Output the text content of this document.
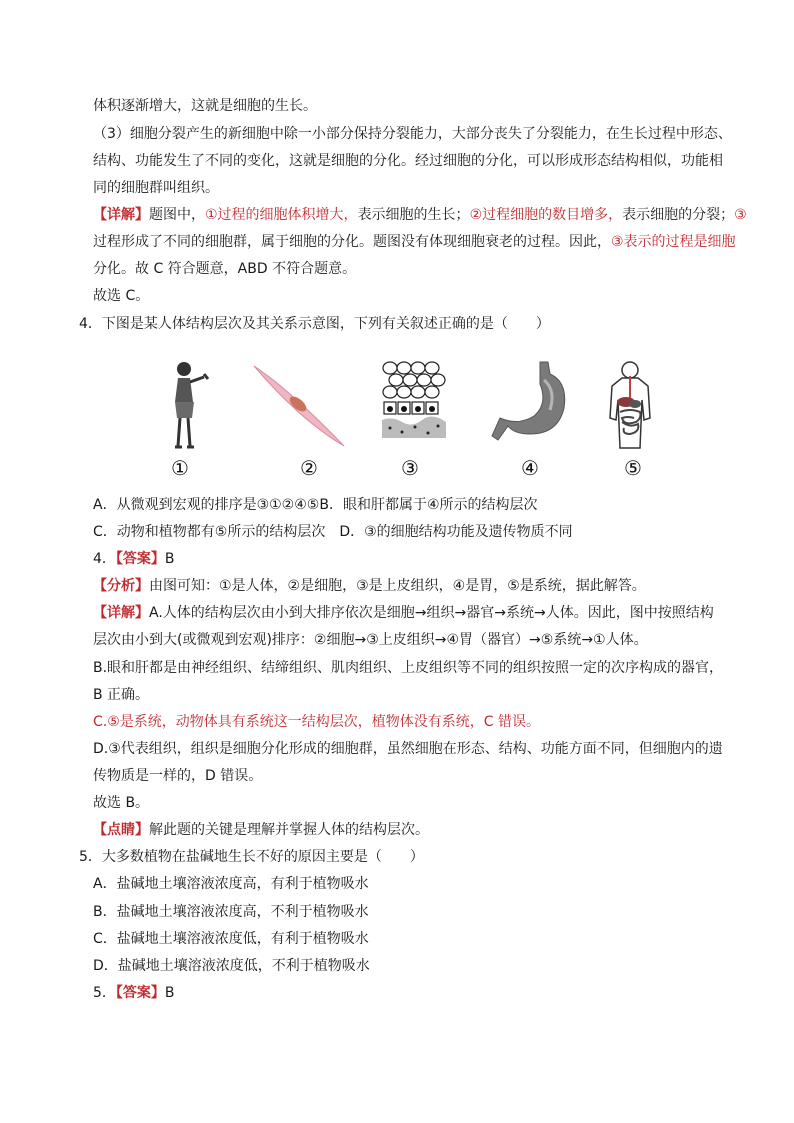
体积逐渐增大，这就是细胞的生长。
（3）细胞分裂产生的新细胞中除一小部分保持分裂能力，大部分丧失了分裂能力，在生长过程中形态、
结构、功能发生了不同的变化，这就是细胞的分化。经过细胞的分化，可以形成形态结构相似，功能相
同的细胞群叫组织。
【详解】题图中，①过程的细胞体积增大，表示细胞的生长；②过程细胞的数目增多，表示细胞的分裂；③
过程形成了不同的细胞群，属于细胞的分化。题图没有体现细胞衰老的过程。因此，③表示的过程是细胞
分化。故 C 符合题意，ABD 不符合题意。
故选 C。
4．下图是某人体结构层次及其关系示意图，下列有关叙述正确的是（　　）
①	②	③	④	⑤
A．从微观到宏观的排序是③①②④⑤B．眼和肝都属于④所示的结构层次
C．动物和植物都有⑤所示的结构层次　 D．③的细胞结构功能及遗传物质不同
4．【答案】B
【分析】由图可知：①是人体，②是细胞，③是上皮组织，④是胃，⑤是系统，据此解答。
【详解】A.人体的结构层次由小到大排序依次是细胞→组织→器官→系统→人体。因此，图中按照结构
层次由小到大(或微观到宏观)排序：②细胞→③上皮组织→④胃（器官）→⑤系统→①人体。
B.眼和肝都是由神经组织、结缔组织、肌肉组织、上皮组织等不同的组织按照一定的次序构成的器官，
B 正确。
C.⑤是系统，动物体具有系统这一结构层次，植物体没有系统，C 错误。
D.③代表组织，组织是细胞分化形成的细胞群，虽然细胞在形态、结构、功能方面不同，但细胞内的遗
传物质是一样的，D 错误。
故选 B。
【点睛】解此题的关键是理解并掌握人体的结构层次。
5．大多数植物在盐碱地生长不好的原因主要是（　　）
A．盐碱地土壤溶液浓度高，有利于植物吸水
B．盐碱地土壤溶液浓度高，不利于植物吸水
C．盐碱地土壤溶液浓度低，有利于植物吸水
D．盐碱地土壤溶液浓度低，不利于植物吸水
5．【答案】B
